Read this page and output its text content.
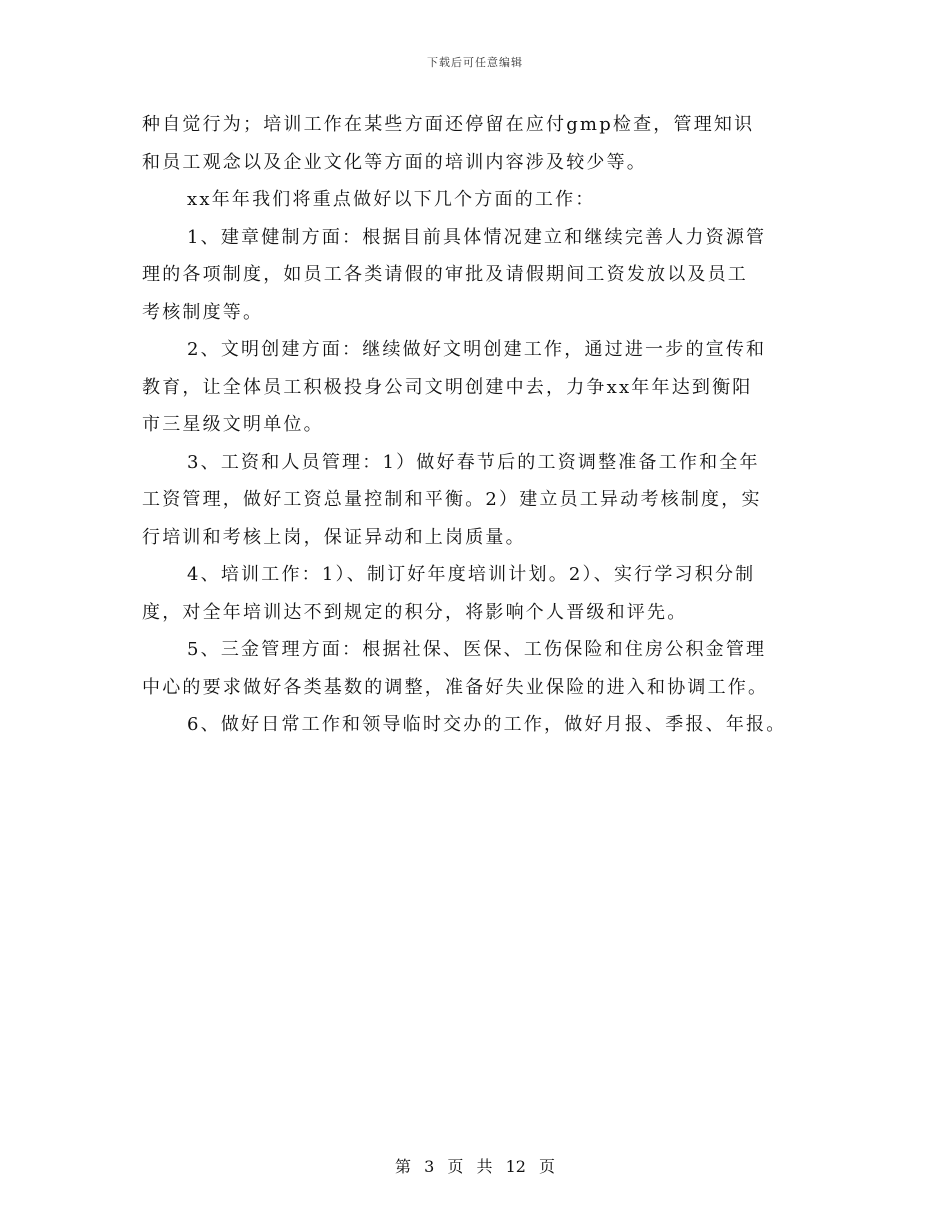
下载后可任意编辑
种自觉行为；培训工作在某些方面还停留在应付gmp检查，管理知识
和员工观念以及企业文化等方面的培训内容涉及较少等。
xx年年我们将重点做好以下几个方面的工作：
1、建章健制方面：根据目前具体情况建立和继续完善人力资源管
理的各项制度，如员工各类请假的审批及请假期间工资发放以及员工
考核制度等。
2、文明创建方面：继续做好文明创建工作，通过进一步的宣传和
教育，让全体员工积极投身公司文明创建中去，力争xx年年达到衡阳
市三星级文明单位。
3、工资和人员管理：1）做好春节后的工资调整准备工作和全年
工资管理，做好工资总量控制和平衡。2）建立员工异动考核制度，实
行培训和考核上岗，保证异动和上岗质量。
4、培训工作：1）、制订好年度培训计划。2）、实行学习积分制
度，对全年培训达不到规定的积分，将影响个人晋级和评先。
5、三金管理方面：根据社保、医保、工伤保险和住房公积金管理
中心的要求做好各类基数的调整，准备好失业保险的进入和协调工作。
6、做好日常工作和领导临时交办的工作，做好月报、季报、年报。
第 3 页 共 12 页
